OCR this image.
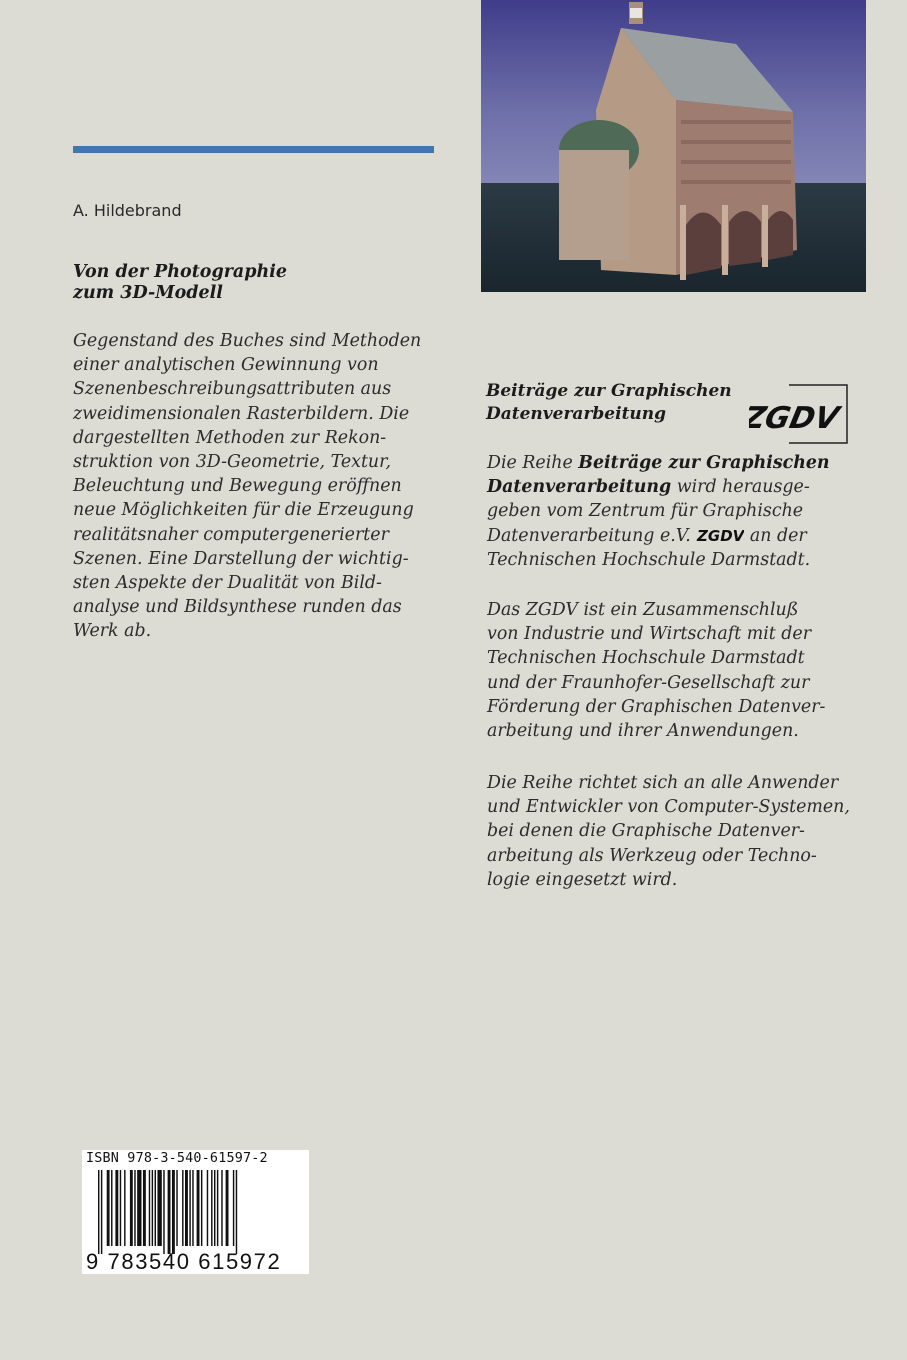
A. Hildebrand
Von der Photographie
zum 3D-Modell

Gegenstand des Buches sind Methoden

einer analytischen Gewinnung von

Szenenbeschreibungsattributen aus

zweidimensionalen Rasterbildern. Die

dargestellten Methoden zur Rekon-

struktion von 3D-Geometrie, Textur,

Beleuchtung und Bewegung eröffnen

neue Möglichkeiten für die Erzeugung

realitätsnaher computergenerierter

Szenen. Eine Darstellung der wichtig-

sten Aspekte der Dualität von Bild-

analyse und Bildsynthese runden das

Werk ab.

Beiträge zur Graphischen
Datenverarbeitung	ZGDV

Die Reihe Beiträge zur Graphischen

Datenverarbeitung wird herausge-

geben vom Zentrum für Graphische

Datenverarbeitung e.V. ZGDV an der

Technischen Hochschule Darmstadt.

Das ZGDV ist ein Zusammenschluß

von Industrie und Wirtschaft mit der

Technischen Hochschule Darmstadt

und der Fraunhofer-Gesellschaft zur

Förderung der Graphischen Datenver-

arbeitung und ihrer Anwendungen.

Die Reihe richtet sich an alle Anwender

und Entwickler von Computer-Systemen,

bei denen die Graphische Datenver-

arbeitung als Werkzeug oder Techno-

logie eingesetzt wird.

ISBN 978-3-540-61597-2
9 783540 615972
